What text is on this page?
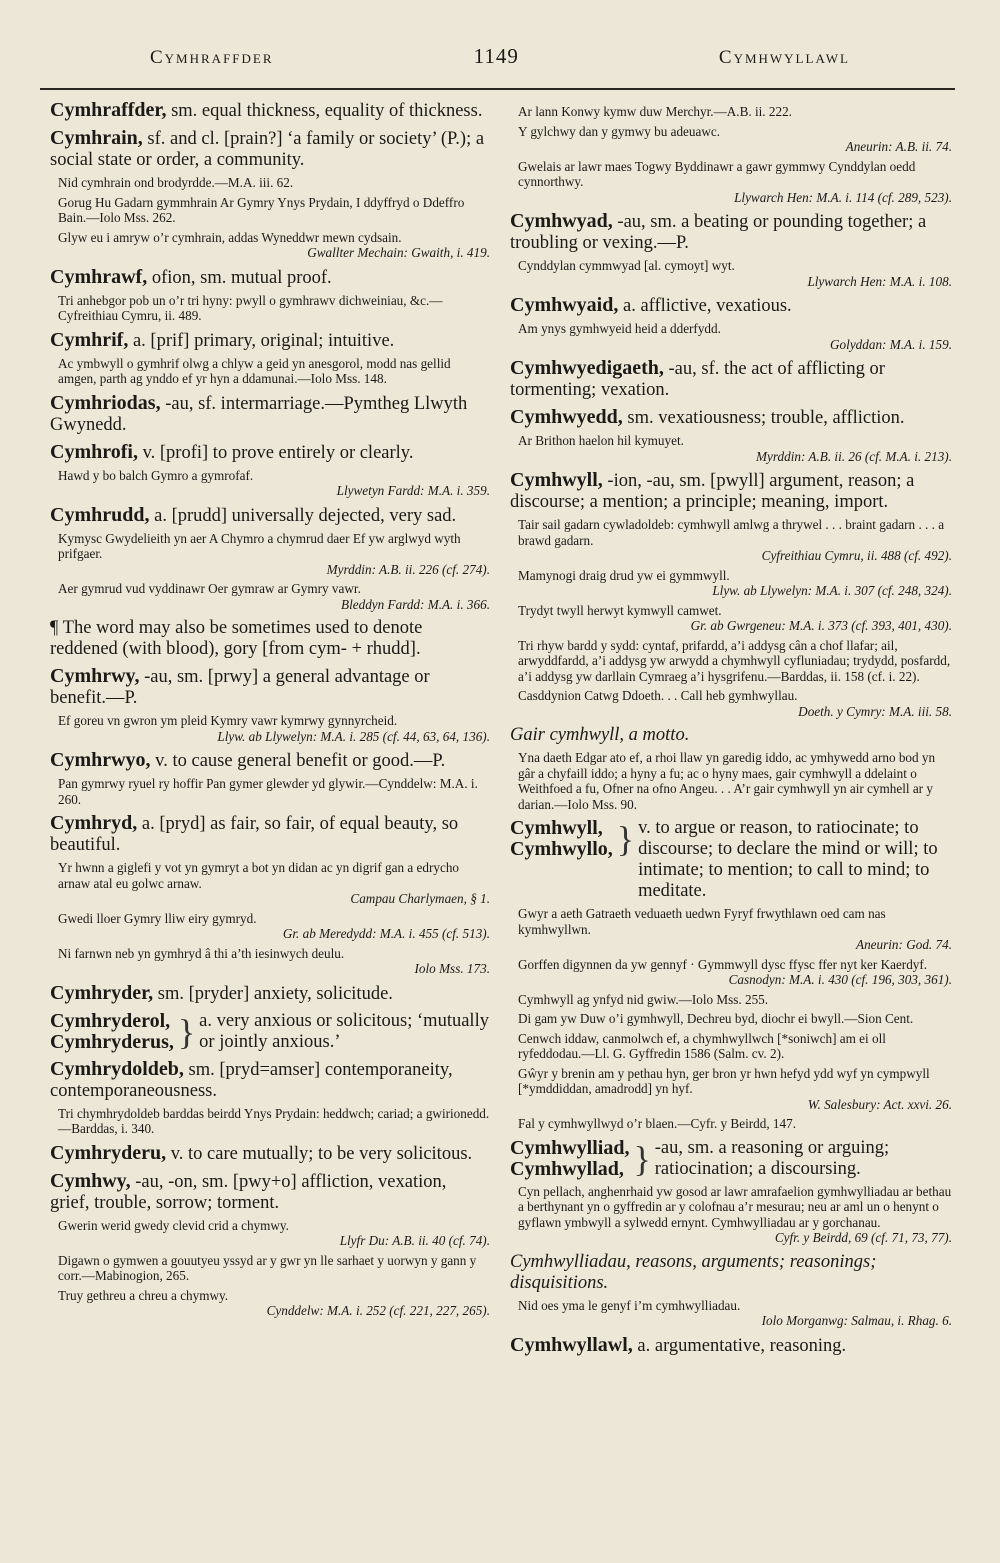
Cymhraffder	1149	Cymhwyllawl
Cymhraffder, sm. equal thickness, equality of thickness.
Cymhrain, sf. and cl. [prain?] ‘a family or society’ (P.); a social state or order, a community.
Nid cymhrain ond brodyrdde.—M.A. iii. 62.
Gorug Hu Gadarn gymmhrain Ar Gymry Ynys Prydain, I ddyffryd o Ddeffro Bain.—Iolo Mss. 262.
Glyw eu i amryw o’r cymhrain, addas Wyneddwr mewn cydsain.
Gwallter Mechain: Gwaith, i. 419.
Cymhrawf, ofion, sm. mutual proof.
Tri anhebgor pob un o’r tri hyny: pwyll o gymhrawv dichweiniau, &c.—Cyfreithiau Cymru, ii. 489.
Cymhrif, a. [prif] primary, original; intuitive.
Ac ymbwyll o gymhrif olwg a chlyw a geid yn anesgorol, modd nas gellid amgen, parth ag ynddo ef yr hyn a ddamunai.—Iolo Mss. 148.
Cymhriodas, -au, sf. intermarriage.—Pymtheg Llwyth Gwynedd.
Cymhrofi, v. [profi] to prove entirely or clearly.
Hawd y bo balch Gymro a gymrofaf.
Llywetyn Fardd: M.A. i. 359.
Cymhrudd, a. [prudd] universally dejected, very sad.
Kymysc Gwydelieith yn aer A Chymro a chymrud daer Ef yw arglwyd wyth prifgaer.
Myrddin: A.B. ii. 226 (cf. 274).
Aer gymrud vud vyddinawr Oer gymraw ar Gymry vawr.
Bleddyn Fardd: M.A. i. 366.
¶ The word may also be sometimes used to denote reddened (with blood), gory [from cym- + rhudd].
Cymhrwy, -au, sm. [prwy] a general advantage or benefit.—P.
Ef goreu vn gwron ym pleid Kymry vawr kymrwy gynnyrcheid.
Llyw. ab Llywelyn: M.A. i. 285 (cf. 44, 63, 64, 136).
Cymhrwyo, v. to cause general benefit or good.—P.
Pan gymrwy ryuel ry hoffir Pan gymer glewder yd glywir.—Cynddelw: M.A. i. 260.
Cymhryd, a. [pryd] as fair, so fair, of equal beauty, so beautiful.
Yr hwnn a giglefi y vot yn gymryt a bot yn didan ac yn digrif gan a edrycho arnaw atal eu golwc arnaw.
Campau Charlymaen, § 1.
Gwedi lloer Gymry lliw eiry gymryd.
Gr. ab Meredydd: M.A. i. 455 (cf. 513).
Ni farnwn neb yn gymhryd â thi a’th iesinwych deulu.
Iolo Mss. 173.
Cymhryder, sm. [pryder] anxiety, solicitude.
Cymhryderol,
Cymhryderus, } a. very anxious or solicitous; ‘mutually or jointly anxious.’
Cymhrydoldeb, sm. [pryd=amser] contemporaneity, contemporaneousness.
Tri chymhrydoldeb barddas beirdd Ynys Prydain: heddwch; cariad; a gwirionedd.—Barddas, i. 340.
Cymhryderu, v. to care mutually; to be very solicitous.
Cymhwy, -au, -on, sm. [pwy+o] affliction, vexation, grief, trouble, sorrow; torment.
Gwerin werid gwedy clevid crid a chymwy.
Llyfr Du: A.B. ii. 40 (cf. 74).
Digawn o gymwen a gouutyeu yssyd ar y gwr yn lle sarhaet y uorwyn y gann y corr.—Mabinogion, 265.
Truy gethreu a chreu a chymwy.
Cynddelw: M.A. i. 252 (cf. 221, 227, 265).
Ar lann Konwy kymw duw Merchyr.—A.B. ii. 222.
Y gylchwy dan y gymwy bu adeuawc.
Aneurin: A.B. ii. 74.
Gwelais ar lawr maes Togwy Byddinawr a gawr gymmwy Cynddylan oedd cynnorthwy.
Llywarch Hen: M.A. i. 114 (cf. 289, 523).
Cymhwyad, -au, sm. a beating or pounding together; a troubling or vexing.—P.
Cynddylan cymmwyad [al. cymoyt] wyt.
Llywarch Hen: M.A. i. 108.
Cymhwyaid, a. afflictive, vexatious.
Am ynys gymhwyeid heid a dderfydd.
Golyddan: M.A. i. 159.
Cymhwyedigaeth, -au, sf. the act of afflicting or tormenting; vexation.
Cymhwyedd, sm. vexatiousness; trouble, affliction.
Ar Brithon haelon hil kymuyet.
Myrddin: A.B. ii. 26 (cf. M.A. i. 213).
Cymhwyll, -ion, -au, sm. [pwyll] argument, reason; a discourse; a mention; a principle; meaning, import.
Tair sail gadarn cywladoldeb: cymhwyll amlwg a thrywel . . . braint gadarn . . . a brawd gadarn.
Cyfreithiau Cymru, ii. 488 (cf. 492).
Mamynogi draig drud yw ei gymmwyll.
Llyw. ab Llywelyn: M.A. i. 307 (cf. 248, 324).
Trydyt twyll herwyt kymwyll camwet.
Gr. ab Gwrgeneu: M.A. i. 373 (cf. 393, 401, 430).
Tri rhyw bardd y sydd: cyntaf, prifardd, a’i addysg cân a chof llafar; ail, arwyddfardd, a’i addysg yw arwydd a chymhwyll cyfluniadau; trydydd, posfardd, a’i addysg yw darllain Cymraeg a’i hysgrifenu.—Barddas, ii. 158 (cf. i. 22).
Casddynion Catwg Ddoeth. . . Call heb gymhwyllau.
Doeth. y Cymry: M.A. iii. 58.
Gair cymhwyll, a motto.
Yna daeth Edgar ato ef, a rhoi llaw yn garedig iddo, ac ymhywedd arno bod yn gâr a chyfaill iddo; a hyny a fu; ac o hyny maes, gair cymhwyll a ddelaint o Weithfoed a fu, Ofner na ofno Angeu. . . A’r gair cymhwyll yn air cymhell ar y darian.—Iolo Mss. 90.
Cymhwyll,
Cymhwyllo, } v. to argue or reason, to ratiocinate; to discourse; to declare the mind or will; to intimate; to mention; to call to mind; to meditate.
Gwyr a aeth Gatraeth veduaeth uedwn Fyryf frwythlawn oed cam nas kymhwyllwn.
Aneurin: God. 74.
Gorffen digynnen da yw gennyf · Gymmwyll dysc ffysc ffer nyt ker Kaerdyf.
Casnodyn: M.A. i. 430 (cf. 196, 303, 361).
Cymhwyll ag ynfyd nid gwiw.—Iolo Mss. 255.
Di gam yw Duw o’i gymhwyll, Dechreu byd, diochr ei bwyll.—Sion Cent.
Cenwch iddaw, canmolwch ef, a chymhwyllwch [*soniwch] am ei oll ryfeddodau.—Ll. G. Gyffredin 1586 (Salm. cv. 2).
Gŵyr y brenin am y pethau hyn, ger bron yr hwn hefyd ydd wyf yn cympwyll [*ymddiddan, amadrodd] yn hyf.
W. Salesbury: Act. xxvi. 26.
Fal y cymhwyllwyd o’r blaen.—Cyfr. y Beirdd, 147.
Cymhwylliad,
Cymhwyllad, } -au, sm. a reasoning or arguing; ratiocination; a discoursing.
Cyn pellach, anghenrhaid yw gosod ar lawr amrafaelion gymhwylliadau ar bethau a berthynant yn o gyffredin ar y colofnau a’r mesurau; neu ar aml un o henynt o gyflawn ymbwyll a sylwedd ernynt. Cymhwylliadau ar y gorchanau.
Cyfr. y Beirdd, 69 (cf. 71, 73, 77).
Cymhwylliadau, reasons, arguments; reasonings; disquisitions.
Nid oes yma le genyf i’m cymhwylliadau.
Iolo Morganwg: Salmau, i. Rhag. 6.
Cymhwyllawl, a. argumentative, reasoning.
